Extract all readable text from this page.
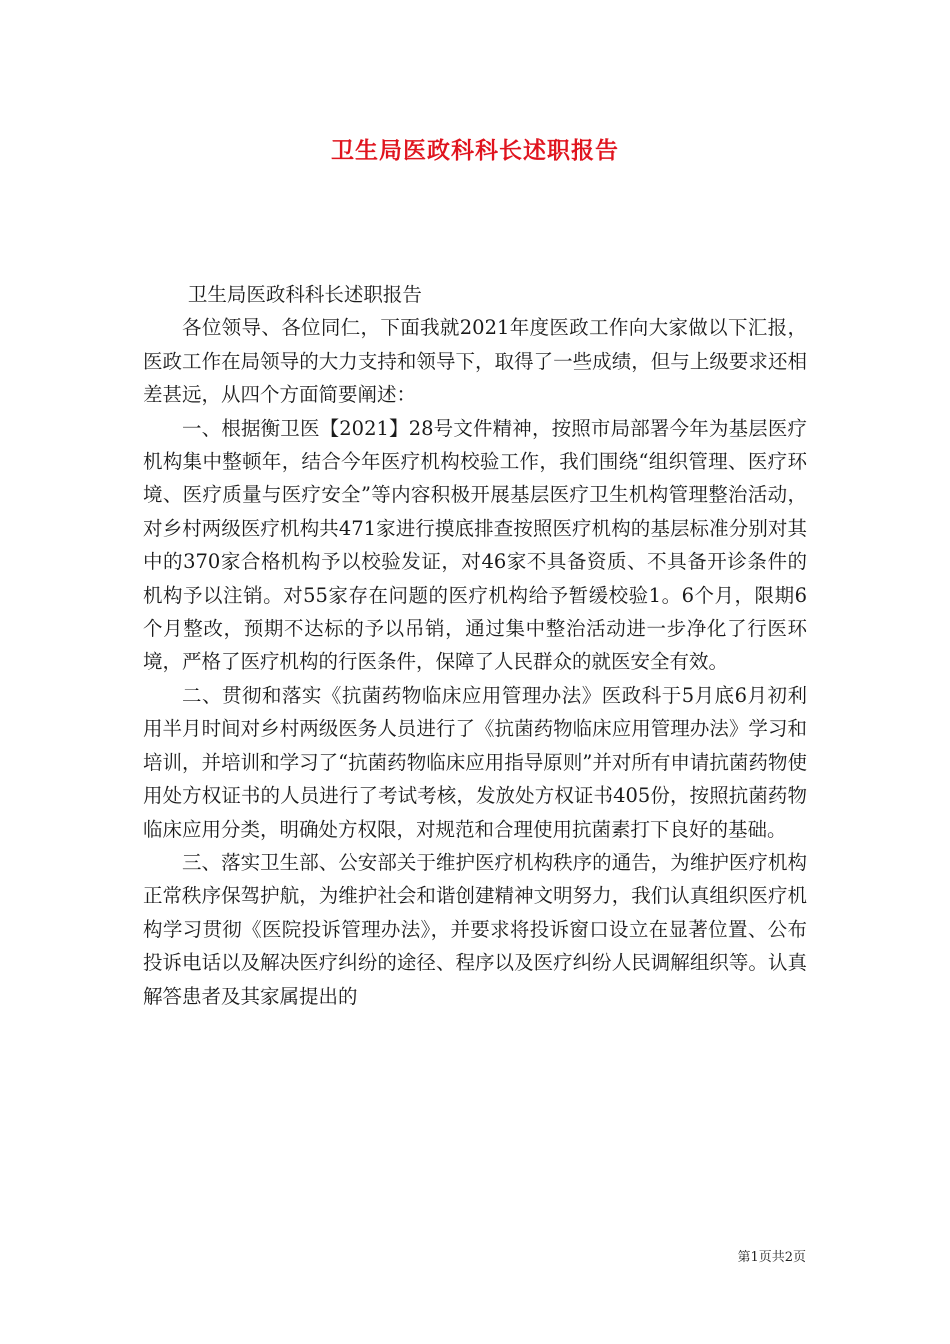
卫生局医政科科长述职报告

卫生局医政科科长述职报告

各位领导、各位同仁，下面我就2021年度医政工作向大家做以下汇报，医政工作在局领导的大力支持和领导下，取得了一些成绩，但与上级要求还相差甚远，从四个方面简要阐述：

一、根据衡卫医【2021】28号文件精神，按照市局部署今年为基层医疗机构集中整顿年，结合今年医疗机构校验工作，我们围绕“组织管理、医疗环境、医疗质量与医疗安全”等内容积极开展基层医疗卫生机构管理整治活动，对乡村两级医疗机构共471家进行摸底排查按照医疗机构的基层标准分别对其中的370家合格机构予以校验发证，对46家不具备资质、不具备开诊条件的机构予以注销。对55家存在问题的医疗机构给予暂缓校验1。6个月，限期6个月整改，预期不达标的予以吊销，通过集中整治活动进一步净化了行医环境，严格了医疗机构的行医条件，保障了人民群众的就医安全有效。

二、贯彻和落实《抗菌药物临床应用管理办法》医政科于5月底6月初利用半月时间对乡村两级医务人员进行了《抗菌药物临床应用管理办法》学习和培训，并培训和学习了“抗菌药物临床应用指导原则”并对所有申请抗菌药物使用处方权证书的人员进行了考试考核，发放处方权证书405份，按照抗菌药物临床应用分类，明确处方权限，对规范和合理使用抗菌素打下良好的基础。

三、落实卫生部、公安部关于维护医疗机构秩序的通告，为维护医疗机构正常秩序保驾护航，为维护社会和谐创建精神文明努力，我们认真组织医疗机构学习贯彻《医院投诉管理办法》，并要求将投诉窗口设立在显著位置、公布投诉电话以及解决医疗纠纷的途径、程序以及医疗纠纷人民调解组织等。认真解答患者及其家属提出的

第1页共2页
